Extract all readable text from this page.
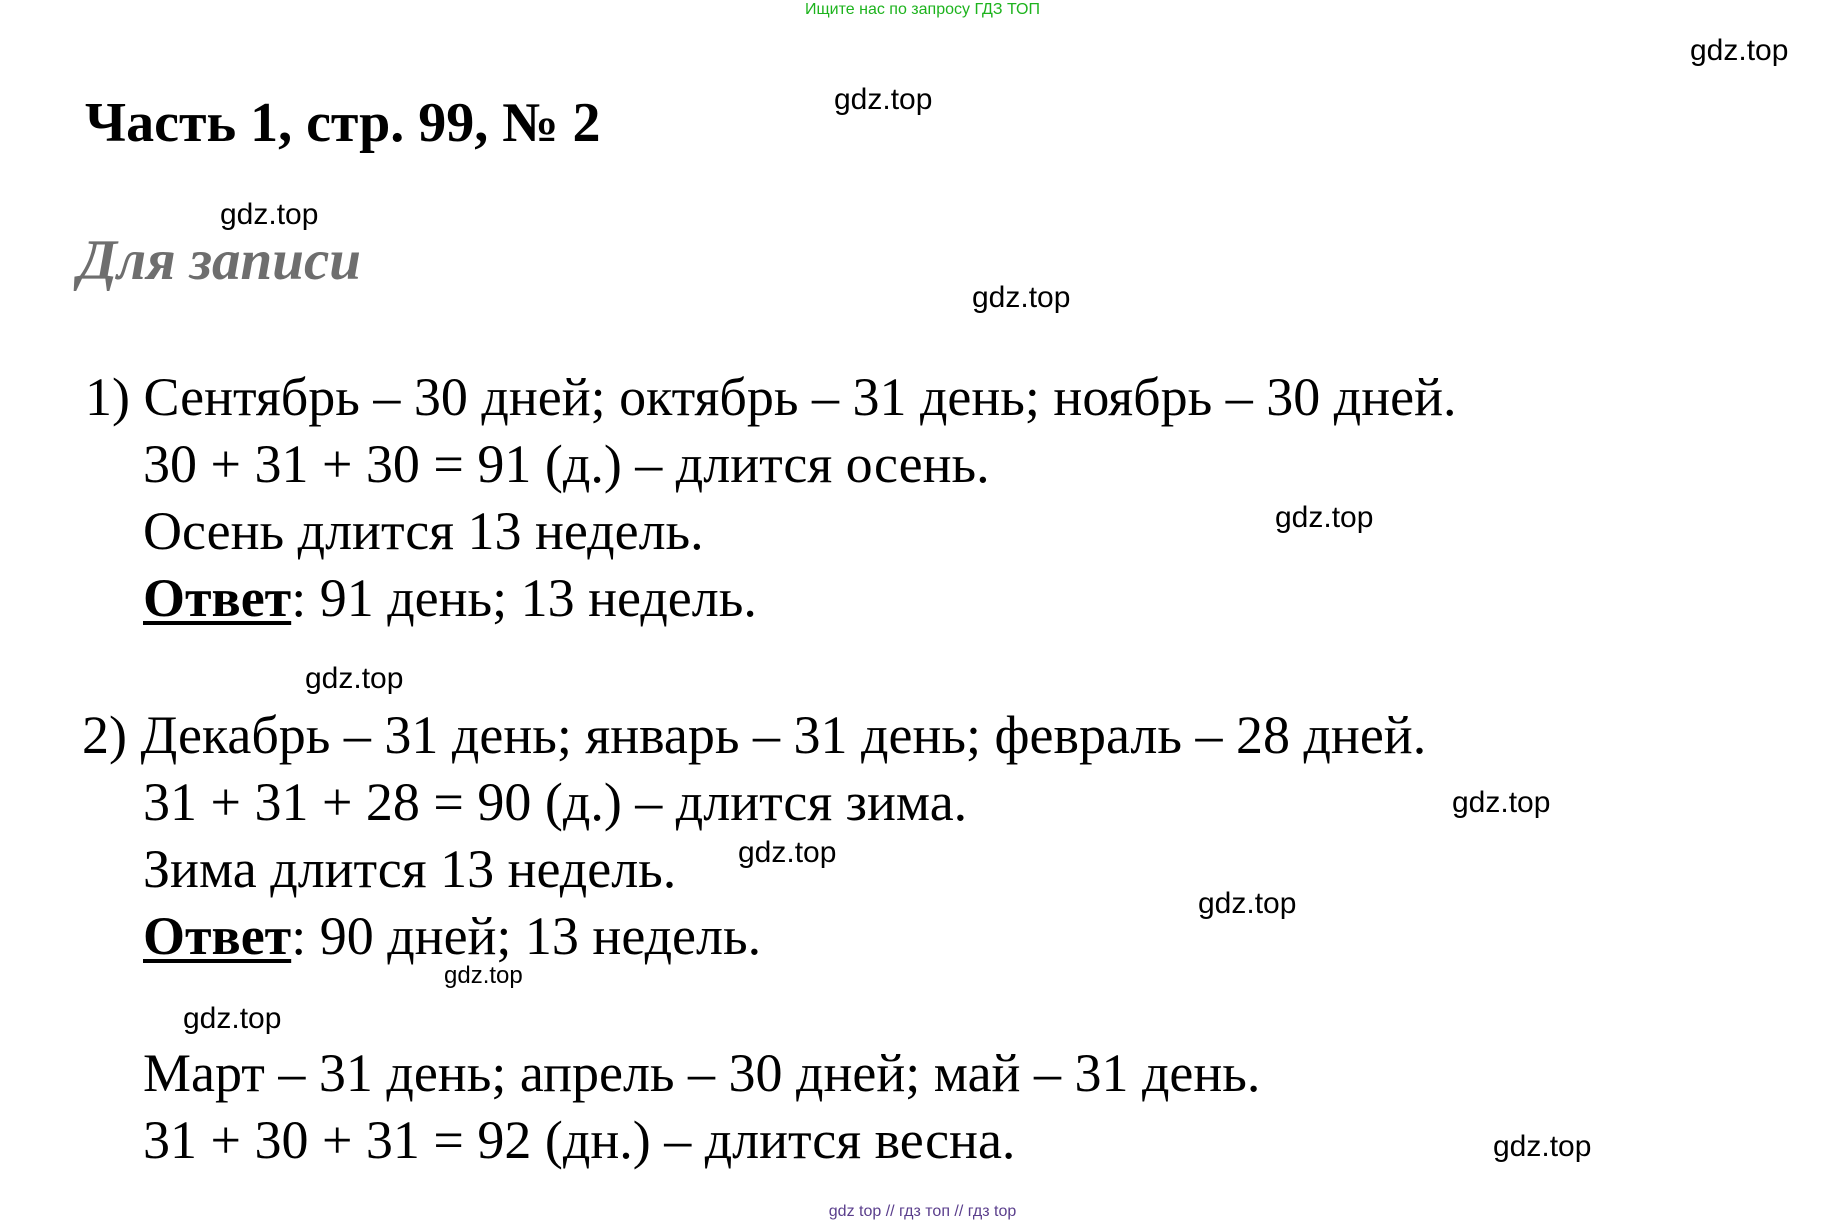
Ищите нас по запросу ГДЗ ТОП
Часть 1, стр. 99, № 2
Для записи
1) Сентябрь – 30 дней; октябрь – 31 день; ноябрь – 30 дней.
30 + 31 + 30 = 91 (д.) – длится осень.
Осень длится 13 недель.
Ответ: 91 день; 13 недель.
2) Декабрь – 31 день; январь – 31 день; февраль – 28 дней.
31 + 31 + 28 = 90 (д.) – длится зима.
Зима длится 13 недель.
Ответ: 90 дней; 13 недель.
Март – 31 день; апрель – 30 дней; май – 31 день.
31 + 30 + 31 = 92 (дн.) – длится весна.
gdz.top
gdz.top
gdz.top
gdz.top
gdz.top
gdz.top
gdz.top
gdz.top
gdz.top
gdz.top
gdz.top
gdz.top
gdz top // гдз топ // гдз top
